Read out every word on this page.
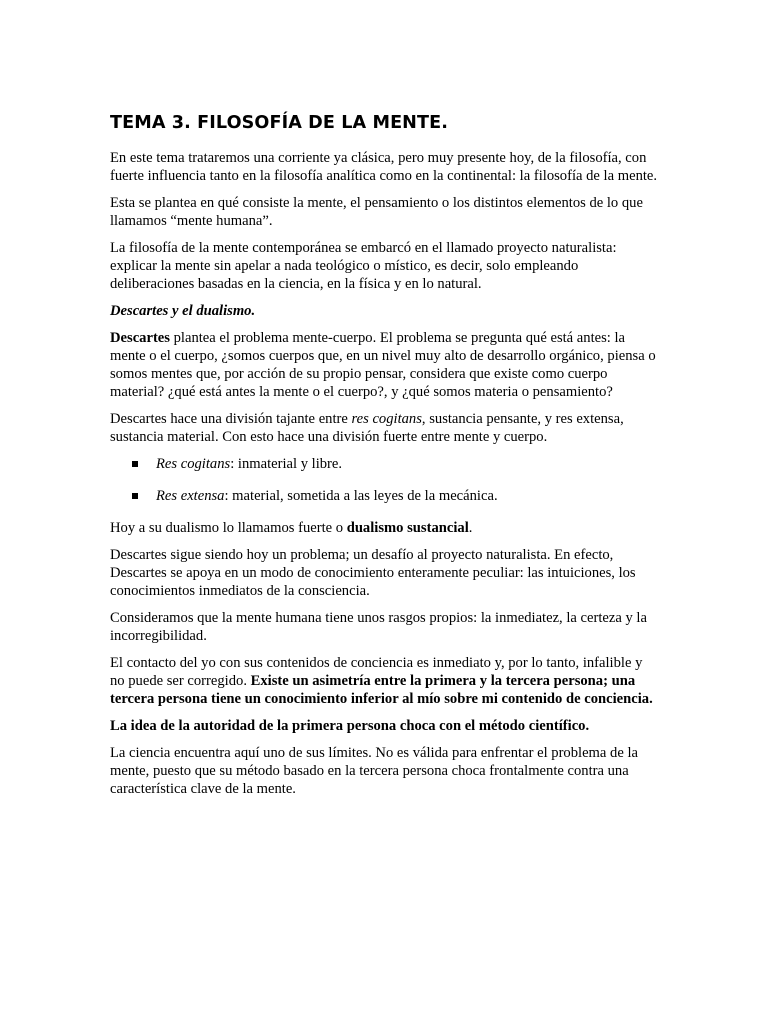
TEMA 3. FILOSOFÍA DE LA MENTE.

En este tema trataremos una corriente ya clásica, pero muy presente hoy, de la filosofía, con fuerte influencia tanto en la filosofía analítica como en la continental: la filosofía de la mente.

Esta se plantea en qué consiste la mente, el pensamiento o los distintos elementos de lo que llamamos “mente humana”.

La filosofía de la mente contemporánea se embarcó en el llamado proyecto naturalista: explicar la mente sin apelar a nada teológico o místico, es decir, solo empleando deliberaciones basadas en la ciencia, en la física y en lo natural.

Descartes y el dualismo.

Descartes plantea el problema mente-cuerpo. El problema se pregunta qué está antes: la mente o el cuerpo, ¿somos cuerpos que, en un nivel muy alto de desarrollo orgánico, piensa o somos mentes que, por acción de su propio pensar, considera que existe como cuerpo material? ¿qué está antes la mente o el cuerpo?, y ¿qué somos materia o pensamiento?

Descartes hace una división tajante entre res cogitans, sustancia pensante, y res extensa, sustancia material. Con esto hace una división fuerte entre mente y cuerpo.

Res cogitans: inmaterial y libre.
Res extensa: material, sometida a las leyes de la mecánica.

Hoy a su dualismo lo llamamos fuerte o dualismo sustancial.

Descartes sigue siendo hoy un problema; un desafío al proyecto naturalista. En efecto, Descartes se apoya en un modo de conocimiento enteramente peculiar: las intuiciones, los conocimientos inmediatos de la consciencia.

Consideramos que la mente humana tiene unos rasgos propios: la inmediatez, la certeza y la incorregibilidad.

El contacto del yo con sus contenidos de conciencia es inmediato y, por lo tanto, infalible y no puede ser corregido. Existe un asimetría entre la primera y la tercera persona; una tercera persona tiene un conocimiento inferior al mío sobre mi contenido de conciencia.

La idea de la autoridad de la primera persona choca con el método científico.

La ciencia encuentra aquí uno de sus límites. No es válida para enfrentar el problema de la mente, puesto que su método basado en la tercera persona choca frontalmente contra una característica clave de la mente.
